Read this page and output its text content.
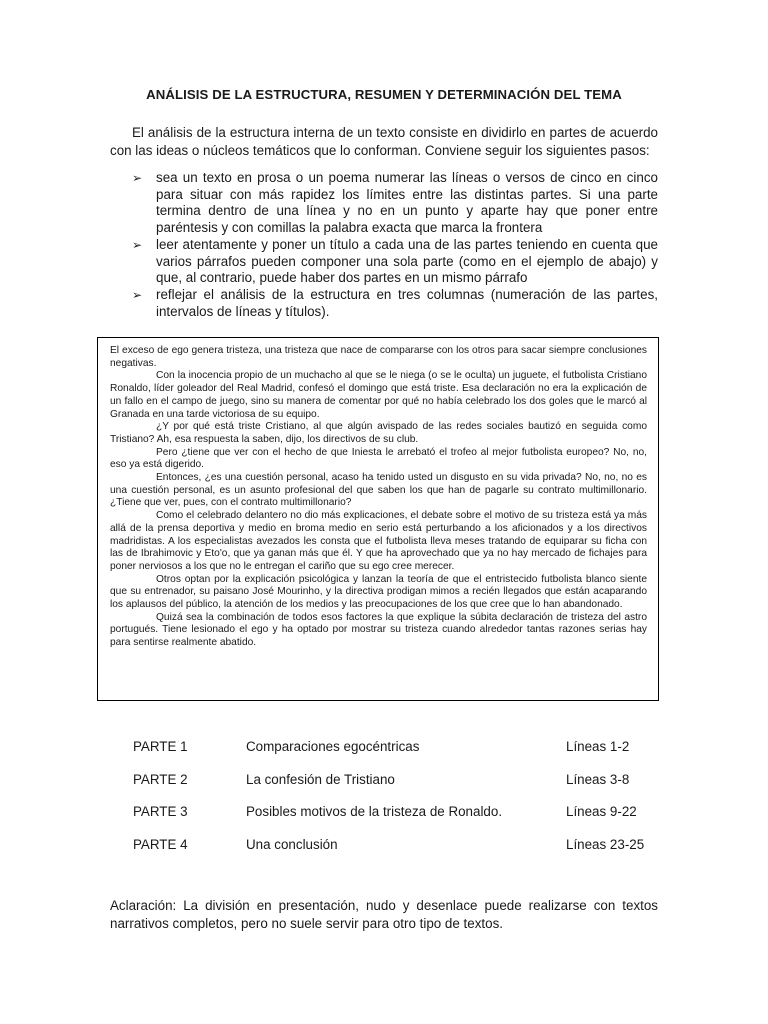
ANÁLISIS DE LA ESTRUCTURA, RESUMEN Y DETERMINACIÓN DEL TEMA
El análisis de la estructura interna de un texto consiste en dividirlo en partes de acuerdo con las ideas o núcleos temáticos que lo conforman. Conviene seguir los siguientes pasos:
➢ sea un texto en prosa o un poema numerar las líneas o versos de cinco en cinco para situar con más rapidez los límites entre las distintas partes. Si una parte termina dentro de una línea y no en un punto y aparte hay que poner entre paréntesis y con comillas la palabra exacta que marca la frontera
➢ leer atentamente y poner un título a cada una de las partes teniendo en cuenta que varios párrafos pueden componer una sola parte (como en el ejemplo de abajo) y que, al contrario, puede haber dos partes en un mismo párrafo
➢ reflejar el análisis de la estructura en tres columnas (numeración de las partes, intervalos de líneas y títulos).

El exceso de ego genera tristeza, una tristeza que nace de compararse con los otros para sacar siempre conclusiones negativas.

Con la inocencia propio de un muchacho al que se le niega (o se le oculta) un juguete, el futbolista Cristiano Ronaldo, líder goleador del Real Madrid, confesó el domingo que está triste. Esa declaración no era la explicación de un fallo en el campo de juego, sino su manera de comentar por qué no había celebrado los dos goles que le marcó al Granada en una tarde victoriosa de su equipo.

¿Y por qué está triste Cristiano, al que algún avispado de las redes sociales bautizó en seguida como Tristiano? Ah, esa respuesta la saben, dijo, los directivos de su club.

Pero ¿tiene que ver con el hecho de que Iniesta le arrebató el trofeo al mejor futbolista europeo? No, no, eso ya está digerido.

Entonces, ¿es una cuestión personal, acaso ha tenido usted un disgusto en su vida privada? No, no, no es una cuestión personal, es un asunto profesional del que saben los que han de pagarle su contrato multimillonario. ¿Tiene que ver, pues, con el contrato multimillonario?

Como el celebrado delantero no dio más explicaciones, el debate sobre el motivo de su tristeza está ya más allá de la prensa deportiva y medio en broma medio en serio está perturbando a los aficionados y a los directivos madridistas. A los especialistas avezados les consta que el futbolista lleva meses tratando de equiparar su ficha con las de Ibrahimovic y Eto'o, que ya ganan más que él. Y que ha aprovechado que ya no hay mercado de fichajes para poner nerviosos a los que no le entregan el cariño que su ego cree merecer.

Otros optan por la explicación psicológica y lanzan la teoría de que el entristecido futbolista blanco siente que su entrenador, su paisano José Mourinho, y la directiva prodigan mimos a recién llegados que están acaparando los aplausos del público, la atención de los medios y las preocupaciones de los que cree que lo han abandonado.

Quizá sea la combinación de todos esos factores la que explique la súbita declaración de tristeza del astro portugués. Tiene lesionado el ego y ha optado por mostrar su tristeza cuando alrededor tantas razones serias hay para sentirse realmente abatido.

PARTE 1	Comparaciones egocéntricas	Líneas 1-2
PARTE 2	La confesión de Tristiano	Líneas 3-8
PARTE 3	Posibles motivos de la tristeza de Ronaldo.	Líneas 9-22
PARTE 4	Una conclusión	Líneas 23-25
Aclaración: La división en presentación, nudo y desenlace puede realizarse con textos narrativos completos, pero no suele servir para otro tipo de textos.
